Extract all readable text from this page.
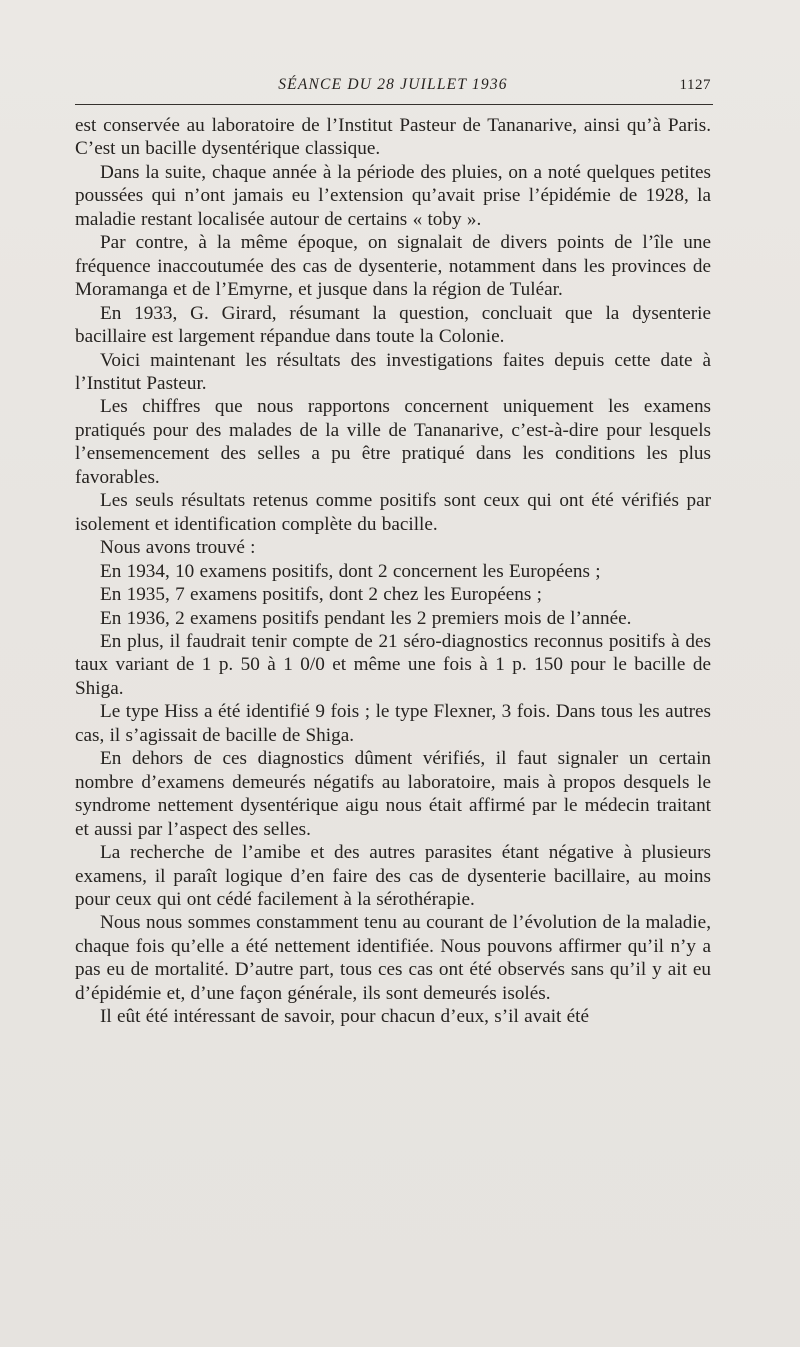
SÉANCE DU 28 JUILLET 1936	1127

est conservée au laboratoire de l’Institut Pasteur de Tananarive, ainsi qu’à Paris. C’est un bacille dysentérique classique.

Dans la suite, chaque année à la période des pluies, on a noté quelques petites poussées qui n’ont jamais eu l’extension qu’avait prise l’épidémie de 1928, la maladie restant localisée autour de certains « toby ».

Par contre, à la même époque, on signalait de divers points de l’île une fréquence inaccoutumée des cas de dysenterie, notamment dans les provinces de Moramanga et de l’Emyrne, et jusque dans la région de Tuléar.

En 1933, G. Girard, résumant la question, concluait que la dysenterie bacillaire est largement répandue dans toute la Colonie.

Voici maintenant les résultats des investigations faites depuis cette date à l’Institut Pasteur.

Les chiffres que nous rapportons concernent uniquement les examens pratiqués pour des malades de la ville de Tananarive, c’est-à-dire pour lesquels l’ensemencement des selles a pu être pratiqué dans les conditions les plus favorables.

Les seuls résultats retenus comme positifs sont ceux qui ont été vérifiés par isolement et identification complète du bacille.

Nous avons trouvé :

En 1934, 10 examens positifs, dont 2 concernent les Européens ;

En 1935, 7 examens positifs, dont 2 chez les Européens ;

En 1936, 2 examens positifs pendant les 2 premiers mois de l’année.

En plus, il faudrait tenir compte de 21 séro-diagnostics reconnus positifs à des taux variant de 1 p. 50 à 1 0/0 et même une fois à 1 p. 150 pour le bacille de Shiga.

Le type Hiss a été identifié 9 fois ; le type Flexner, 3 fois. Dans tous les autres cas, il s’agissait de bacille de Shiga.

En dehors de ces diagnostics dûment vérifiés, il faut signaler un certain nombre d’examens demeurés négatifs au laboratoire, mais à propos desquels le syndrome nettement dysentérique aigu nous était affirmé par le médecin traitant et aussi par l’aspect des selles.

La recherche de l’amibe et des autres parasites étant négative à plusieurs examens, il paraît logique d’en faire des cas de dysenterie bacillaire, au moins pour ceux qui ont cédé facilement à la sérothérapie.

Nous nous sommes constamment tenu au courant de l’évolution de la maladie, chaque fois qu’elle a été nettement identifiée. Nous pouvons affirmer qu’il n’y a pas eu de mortalité. D’autre part, tous ces cas ont été observés sans qu’il y ait eu d’épidémie et, d’une façon générale, ils sont demeurés isolés.

Il eût été intéressant de savoir, pour chacun d’eux, s’il avait été
